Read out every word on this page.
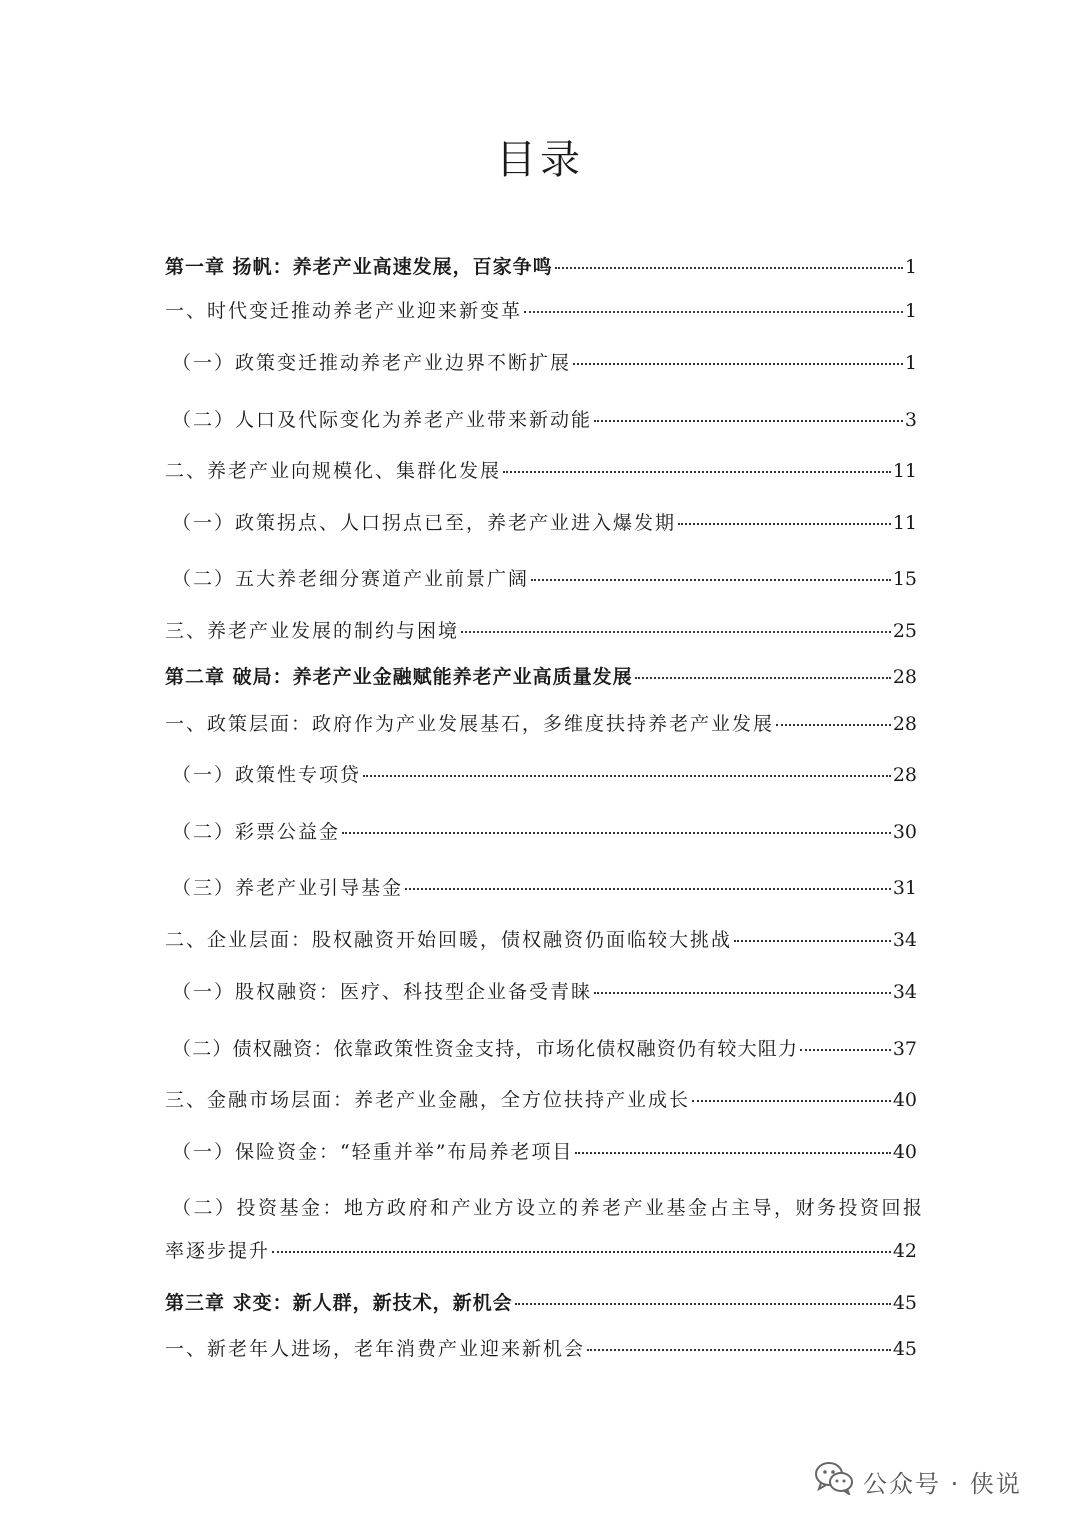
目录
第一章 扬帆：养老产业高速发展，百家争鸣	1
一、时代变迁推动养老产业迎来新变革	1
（一）政策变迁推动养老产业边界不断扩展	1
（二）人口及代际变化为养老产业带来新动能	3
二、养老产业向规模化、集群化发展	11
（一）政策拐点、人口拐点已至，养老产业进入爆发期	11
（二）五大养老细分赛道产业前景广阔	15
三、养老产业发展的制约与困境	25
第二章 破局：养老产业金融赋能养老产业高质量发展	28
一、政策层面：政府作为产业发展基石，多维度扶持养老产业发展	28
（一）政策性专项贷	28
（二）彩票公益金	30
（三）养老产业引导基金	31
二、企业层面：股权融资开始回暖，债权融资仍面临较大挑战	34
（一）股权融资：医疗、科技型企业备受青睐	34
（二）债权融资：依靠政策性资金支持，市场化债权融资仍有较大阻力	37
三、金融市场层面：养老产业金融，全方位扶持产业成长	40
（一）保险资金：“轻重并举”布局养老项目	40
（二）投资基金：地方政府和产业方设立的养老产业基金占主导，财务投资回报
率逐步提升	42
第三章 求变：新人群，新技术，新机会	45
一、新老年人进场，老年消费产业迎来新机会	45
公众号 · 侠说
